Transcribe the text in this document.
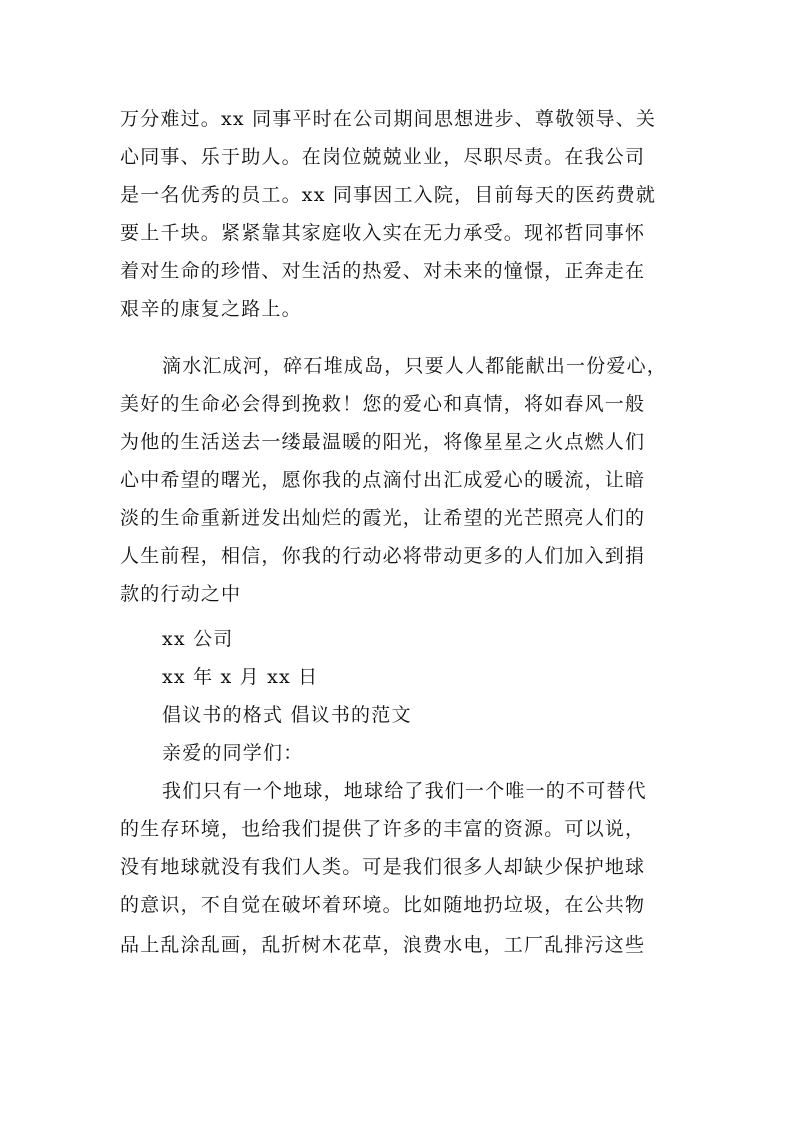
万分难过。xx 同事平时在公司期间思想进步、尊敬领导、关
心同事、乐于助人。在岗位兢兢业业，尽职尽责。在我公司
是一名优秀的员工。xx 同事因工入院，目前每天的医药费就
要上千块。紧紧靠其家庭收入实在无力承受。现祁哲同事怀
着对生命的珍惜、对生活的热爱、对未来的憧憬，正奔走在
艰辛的康复之路上。
滴水汇成河，碎石堆成岛，只要人人都能献出一份爱心，
美好的生命必会得到挽救！您的爱心和真情，将如春风一般
为他的生活送去一缕最温暖的阳光，将像星星之火点燃人们
心中希望的曙光，愿你我的点滴付出汇成爱心的暖流，让暗
淡的生命重新迸发出灿烂的霞光，让希望的光芒照亮人们的
人生前程，相信，你我的行动必将带动更多的人们加入到捐
款的行动之中
xx 公司
xx 年 x 月 xx 日
倡议书的格式 倡议书的范文
亲爱的同学们：
我们只有一个地球，地球给了我们一个唯一的不可替代
的生存环境，也给我们提供了许多的丰富的资源。可以说，
没有地球就没有我们人类。可是我们很多人却缺少保护地球
的意识，不自觉在破坏着环境。比如随地扔垃圾，在公共物
品上乱涂乱画，乱折树木花草，浪费水电，工厂乱排污这些
